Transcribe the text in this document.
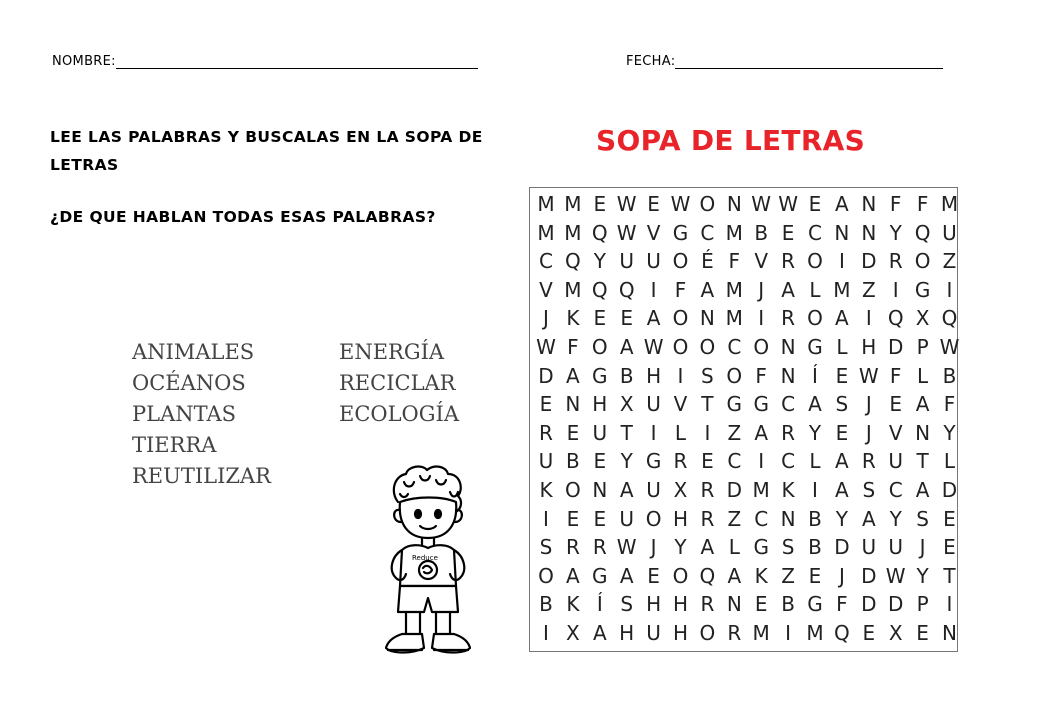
NOMBRE:	FECHA:
LEE LAS PALABRAS Y BUSCALAS EN LA SOPA DE LETRAS
¿DE QUE HABLAN TODAS ESAS PALABRAS?
SOPA DE LETRAS
ANIMALES
OCÉANOS
PLANTAS
TIERRA
REUTILIZAR
ENERGÍA
RECICLAR
ECOLOGÍA
Reduce
M M E W E W O N W W E A N F F M
M M Q W V G C M B E C N N Y Q U
C Q Y U U O É F V R O I D R O Z
V M Q Q I F A M J A L M Z I G I
J K E E A O N M I R O A I Q X Q
W F O A W O O C O N G L H D P W
D A G B H I S O F N Í E W F L B
E N H X U V T G G C A S J E A F
R E U T I L I Z A R Y E J V N Y
U B E Y G R E C I C L A R U T L
K O N A U X R D M K I A S C A D
I E E U O H R Z C N B Y A Y S E
S R R W J Y A L G S B D U U J E
O A G A E O Q A K Z E J D W Y T
B K Í S H H R N E B G F D D P I
I X A H U H O R M I M Q E X E N
